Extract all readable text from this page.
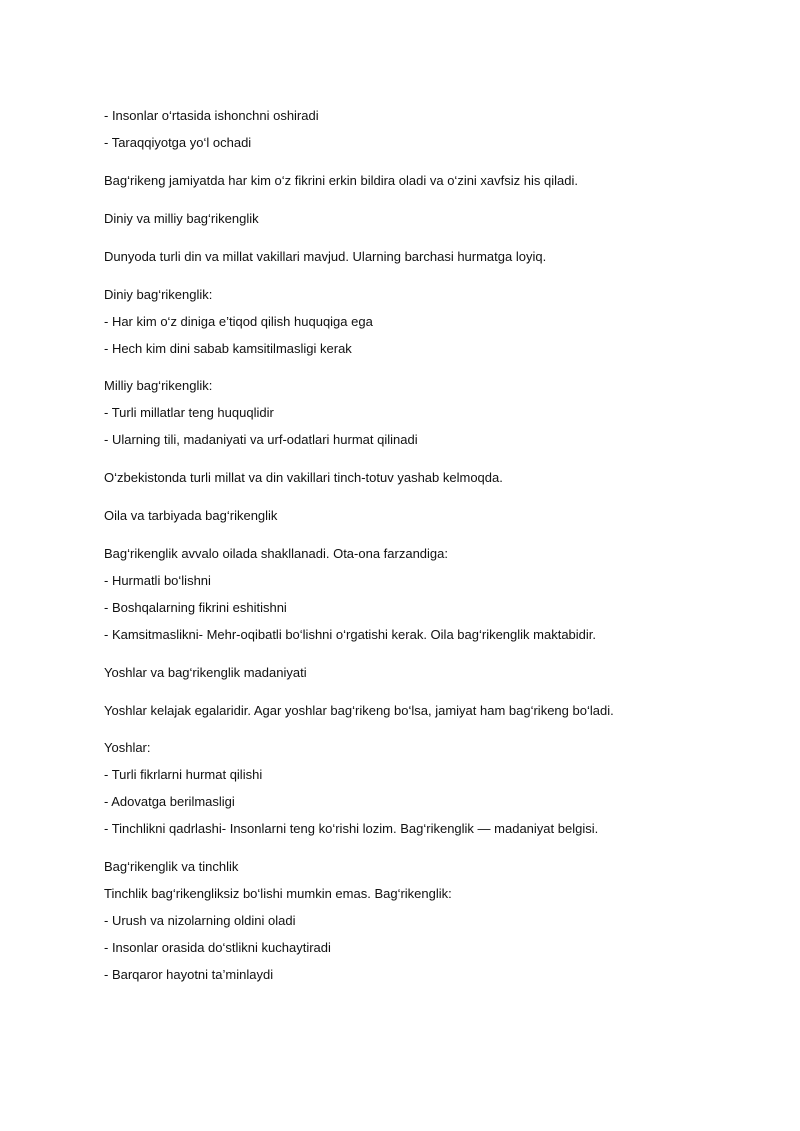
- Insonlar o‘rtasida ishonchni oshiradi
- Taraqqiyotga yo‘l ochadi
Bag‘rikeng jamiyatda har kim o‘z fikrini erkin bildira oladi va o‘zini xavfsiz his qiladi.
Diniy va milliy bag‘rikenglik
Dunyoda turli din va millat vakillari mavjud. Ularning barchasi hurmatga loyiq.
Diniy bag‘rikenglik:
- Har kim o‘z diniga e’tiqod qilish huquqiga ega
- Hech kim dini sabab kamsitilmasligi kerak
Milliy bag‘rikenglik:
- Turli millatlar teng huquqlidir
- Ularning tili, madaniyati va urf-odatlari hurmat qilinadi
O‘zbekistonda turli millat va din vakillari tinch-totuv yashab kelmoqda.
Oila va tarbiyada bag‘rikenglik
Bag‘rikenglik avvalo oilada shakllanadi. Ota-ona farzandiga:
- Hurmatli bo‘lishni
- Boshqalarning fikrini eshitishni
- Kamsitmaslikni- Mehr-oqibatli bo‘lishni o‘rgatishi kerak. Oila bag‘rikenglik maktabidir.
Yoshlar va bag‘rikenglik madaniyati
Yoshlar kelajak egalaridir. Agar yoshlar bag‘rikeng bo‘lsa, jamiyat ham bag‘rikeng bo‘ladi.
Yoshlar:
- Turli fikrlarni hurmat qilishi
- Adovatga berilmasligi
- Tinchlikni qadrlashi- Insonlarni teng ko‘rishi lozim. Bag‘rikenglik — madaniyat belgisi.
Bag‘rikenglik va tinchlik
Tinchlik bag‘rikengliksiz bo‘lishi mumkin emas. Bag‘rikenglik:
- Urush va nizolarning oldini oladi
- Insonlar orasida do‘stlikni kuchaytiradi
- Barqaror hayotni ta’minlaydi
